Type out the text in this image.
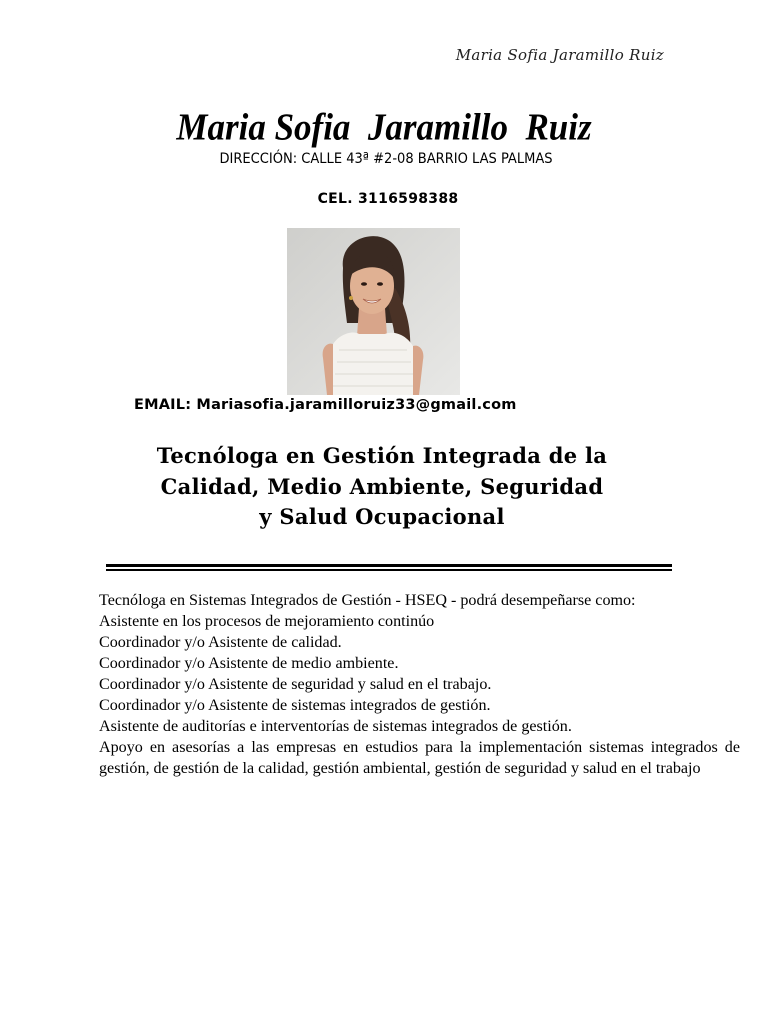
Maria Sofia Jaramillo Ruiz
Maria Sofia  Jaramillo  Ruiz
DIRECCIÓN: CALLE 43ª #2-08 BARRIO LAS PALMAS
CEL. 3116598388
EMAIL: Mariasofia.jaramilloruiz33@gmail.com
Tecnóloga en Gestión Integrada de la
Calidad, Medio Ambiente, Seguridad
y Salud Ocupacional

Tecnóloga en Sistemas Integrados de Gestión - HSEQ - podrá desempeñarse como:

Asistente en los procesos de mejoramiento continúo

Coordinador y/o Asistente de calidad.

Coordinador y/o Asistente de medio ambiente.

Coordinador y/o Asistente de seguridad y salud en el trabajo.

Coordinador y/o Asistente de sistemas integrados de gestión.

Asistente de auditorías e interventorías de sistemas integrados de gestión.

Apoyo en asesorías a las empresas en estudios para la implementación sistemas integrados de gestión, de gestión de la calidad, gestión ambiental, gestión de seguridad y salud en el trabajo
